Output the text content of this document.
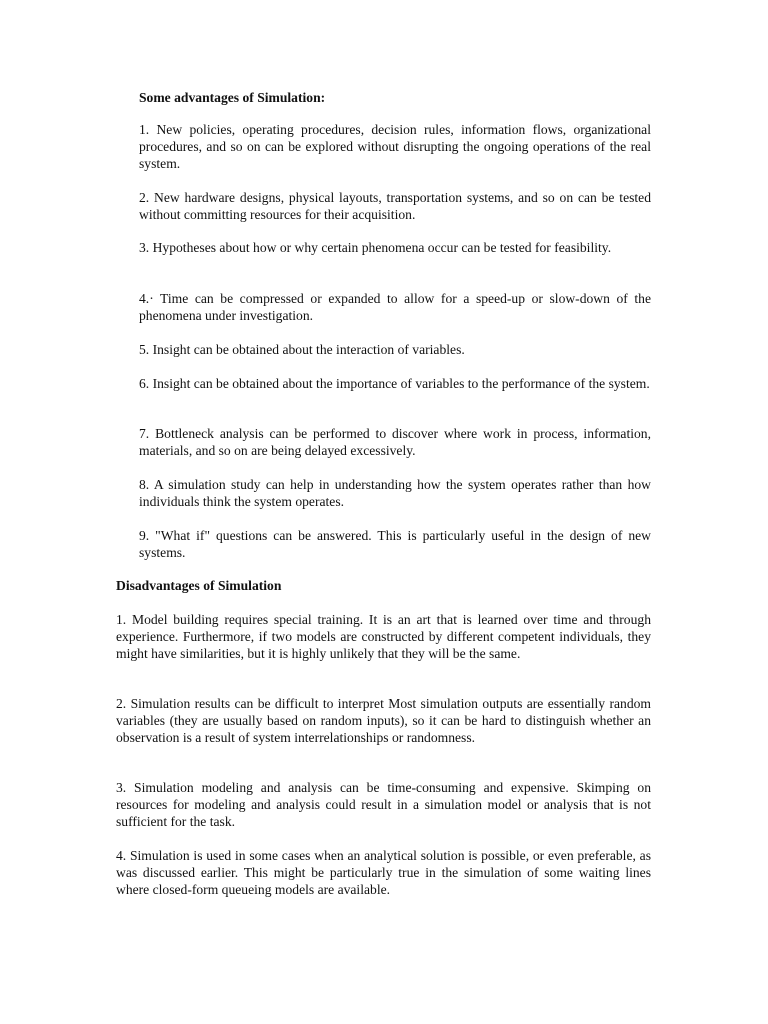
Some advantages of Simulation:

1. New policies, operating procedures, decision rules, information flows, organizational procedures, and so on can be explored without disrupting the ongoing operations of the real system.

2. New hardware designs, physical layouts, transportation systems, and so on can be tested without committing resources for their acquisition.

3. Hypotheses about how or why certain phenomena occur can be tested for feasibility.

4.· Time can be compressed or expanded to allow for a speed-up or slow-down of the phenomena under investigation.

5. Insight can be obtained about the interaction of variables.

6. Insight can be obtained about the importance of variables to the performance of the system.

7. Bottleneck analysis can be performed to discover where work in process, information, materials, and so on are being delayed excessively.

8. A simulation study can help in understanding how the system operates rather than how individuals think the system operates.

9. "What if" questions can be answered. This is particularly useful in the design of new systems.

Disadvantages of Simulation

1. Model building requires special training. It is an art that is learned over time and through experience. Furthermore, if two models are constructed by different competent individuals, they might have similarities, but it is highly unlikely that they will be the same.

2. Simulation results can be difficult to interpret Most simulation outputs are essentially random variables (they are usually based on random inputs), so it can be hard to distinguish whether an observation is a result of system interrelationships or randomness.

3. Simulation modeling and analysis can be time-consuming and expensive. Skimping on resources for modeling and analysis could result in a simulation model or analysis that is not sufficient for the task.

4. Simulation is used in some cases when an analytical solution is possible, or even preferable, as was discussed earlier. This might be particularly true in the simulation of some waiting lines where closed-form queueing models are available.
